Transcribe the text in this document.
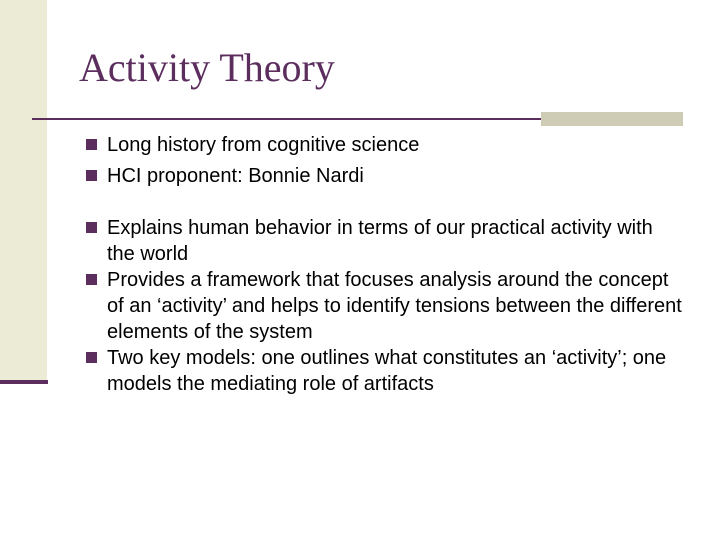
Activity Theory
Long history from cognitive science
HCI proponent: Bonnie Nardi
Explains human behavior in terms of our practical activity with the world
Provides a framework that focuses analysis around the concept of an ‘activity’ and helps to identify tensions between the different elements of the system
Two key models: one outlines what constitutes an ‘activity’; one models the mediating role of artifacts
